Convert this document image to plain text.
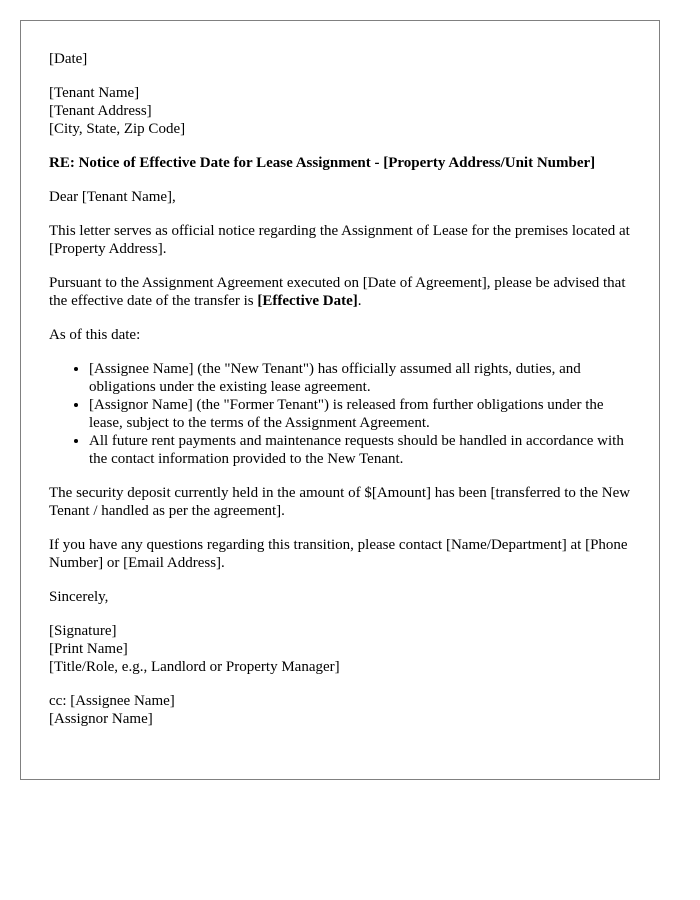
[Date]

[Tenant Name]
[Tenant Address]
[City, State, Zip Code]

RE: Notice of Effective Date for Lease Assignment - [Property Address/Unit Number]

Dear [Tenant Name],

This letter serves as official notice regarding the Assignment of Lease for the premises located at [Property Address].

Pursuant to the Assignment Agreement executed on [Date of Agreement], please be advised that the effective date of the transfer is [Effective Date].

As of this date:

• [Assignee Name] (the "New Tenant") has officially assumed all rights, duties, and obligations under the existing lease agreement.
• [Assignor Name] (the "Former Tenant") is released from further obligations under the lease, subject to the terms of the Assignment Agreement.
• All future rent payments and maintenance requests should be handled in accordance with the contact information provided to the New Tenant.

The security deposit currently held in the amount of $[Amount] has been [transferred to the New Tenant / handled as per the agreement].

If you have any questions regarding this transition, please contact [Name/Department] at [Phone Number] or [Email Address].

Sincerely,

[Signature]
[Print Name]
[Title/Role, e.g., Landlord or Property Manager]
cc: [Assignee Name]
[Assignor Name]
